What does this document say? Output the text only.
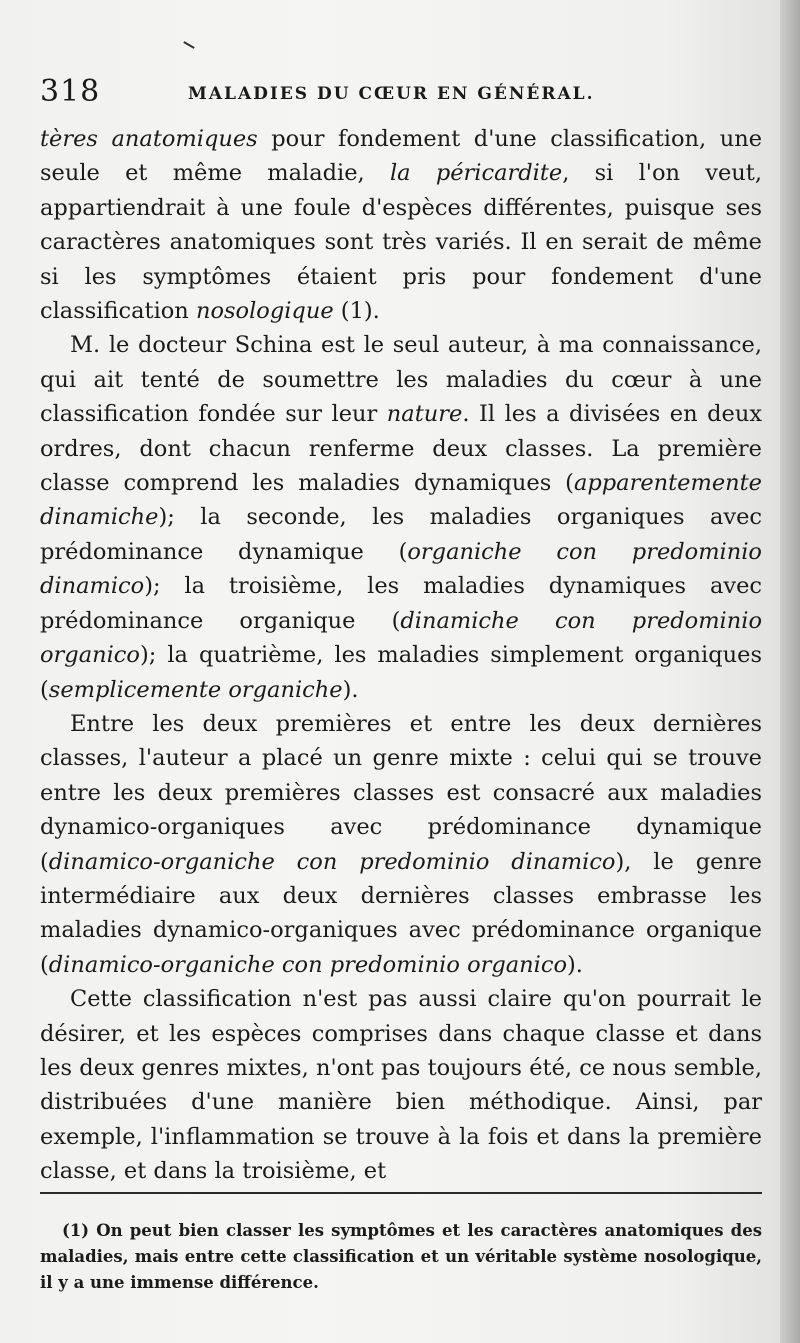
318	MALADIES DU CŒUR EN GÉNÉRAL.

tères anatomiques pour fondement d'une classification, une seule et même maladie, la péricardite, si l'on veut, appartiendrait à une foule d'espèces différentes, puisque ses caractères anatomiques sont très variés. Il en serait de même si les symptômes étaient pris pour fondement d'une classification nosologique (1).

M. le docteur Schina est le seul auteur, à ma connaissance, qui ait tenté de soumettre les maladies du cœur à une classification fondée sur leur nature. Il les a divisées en deux ordres, dont chacun renferme deux classes. La première classe comprend les maladies dynamiques (apparentemente dinamiche); la seconde, les maladies organiques avec prédominance dynamique (organiche con predominio dinamico); la troisième, les maladies dynamiques avec prédominance organique (dinamiche con predominio organico); la quatrième, les maladies simplement organiques (semplicemente organiche).

Entre les deux premières et entre les deux dernières classes, l'auteur a placé un genre mixte : celui qui se trouve entre les deux premières classes est consacré aux maladies dynamico-organiques avec prédominance dynamique (dinamico-organiche con predominio dinamico), le genre intermédiaire aux deux dernières classes embrasse les maladies dynamico-organiques avec prédominance organique (dinamico-organiche con predominio organico).

Cette classification n'est pas aussi claire qu'on pourrait le désirer, et les espèces comprises dans chaque classe et dans les deux genres mixtes, n'ont pas toujours été, ce nous semble, distribuées d'une manière bien méthodique. Ainsi, par exemple, l'inflammation se trouve à la fois et dans la première classe, et dans la troisième, et

(1) On peut bien classer les symptômes et les caractères anatomiques des maladies, mais entre cette classification et un véritable système nosologique, il y a une immense différence.
